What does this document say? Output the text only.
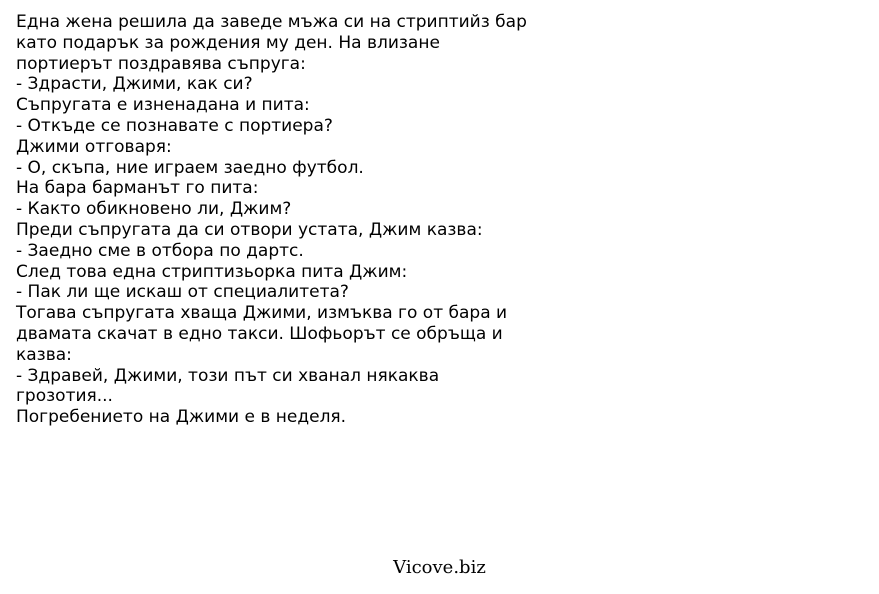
Една жена решила да заведе мъжа си на стриптийз бар
като подарък за рождения му ден. На влизане
портиерът поздравява съпруга:
- Здрасти, Джими, как си?
Съпругата е изненадана и пита:
- Откъде се познавате с портиера?
Джими отговаря:
- О, скъпа, ние играем заедно футбол.
На бара барманът го пита:
- Както обикновено ли, Джим?
Преди съпругата да си отвори устата, Джим казва:
- Заедно сме в отбора по дартс.
След това една стриптизьорка пита Джим:
- Пак ли ще искаш от специалитета?
Тогава съпругата хваща Джими, измъква го от бара и
двамата скачат в едно такси. Шофьорът се обръща и
казва:
- Здравей, Джими, този път си хванал някаква
грозотия...
Погребението на Джими е в неделя.
Vicove.biz
